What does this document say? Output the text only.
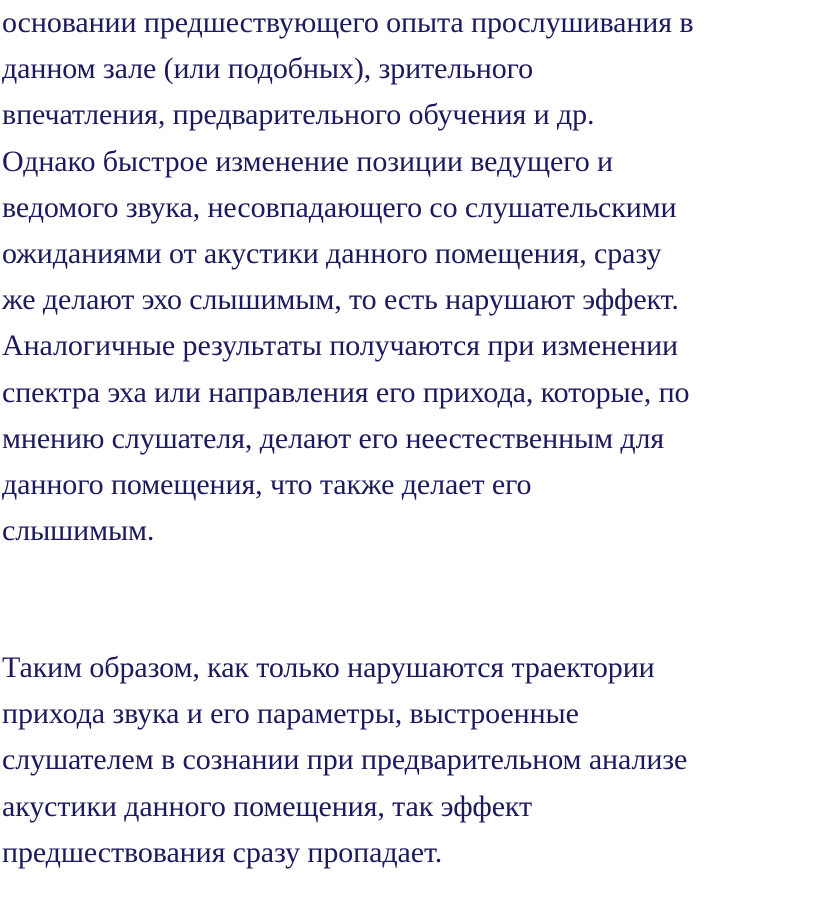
основании предшествующего опыта прослушивания в
данном зале (или подобных), зрительного
впечатления, предварительного обучения и др.
Однако быстрое изменение позиции ведущего и
ведомого звука, несовпадающего со слушательскими
ожиданиями от акустики данного помещения, сразу
же делают эхо слышимым, то есть нарушают эффект.
Аналогичные результаты получаются при изменении
спектра эха или направления его прихода, которые, по
мнению слушателя, делают его неестественным для
данного помещения, что также делает его
слышимым.
Таким образом, как только нарушаются траектории
прихода звука и его параметры, выстроенные
слушателем в сознании при предварительном анализе
акустики данного помещения, так эффект
предшествования сразу пропадает.
